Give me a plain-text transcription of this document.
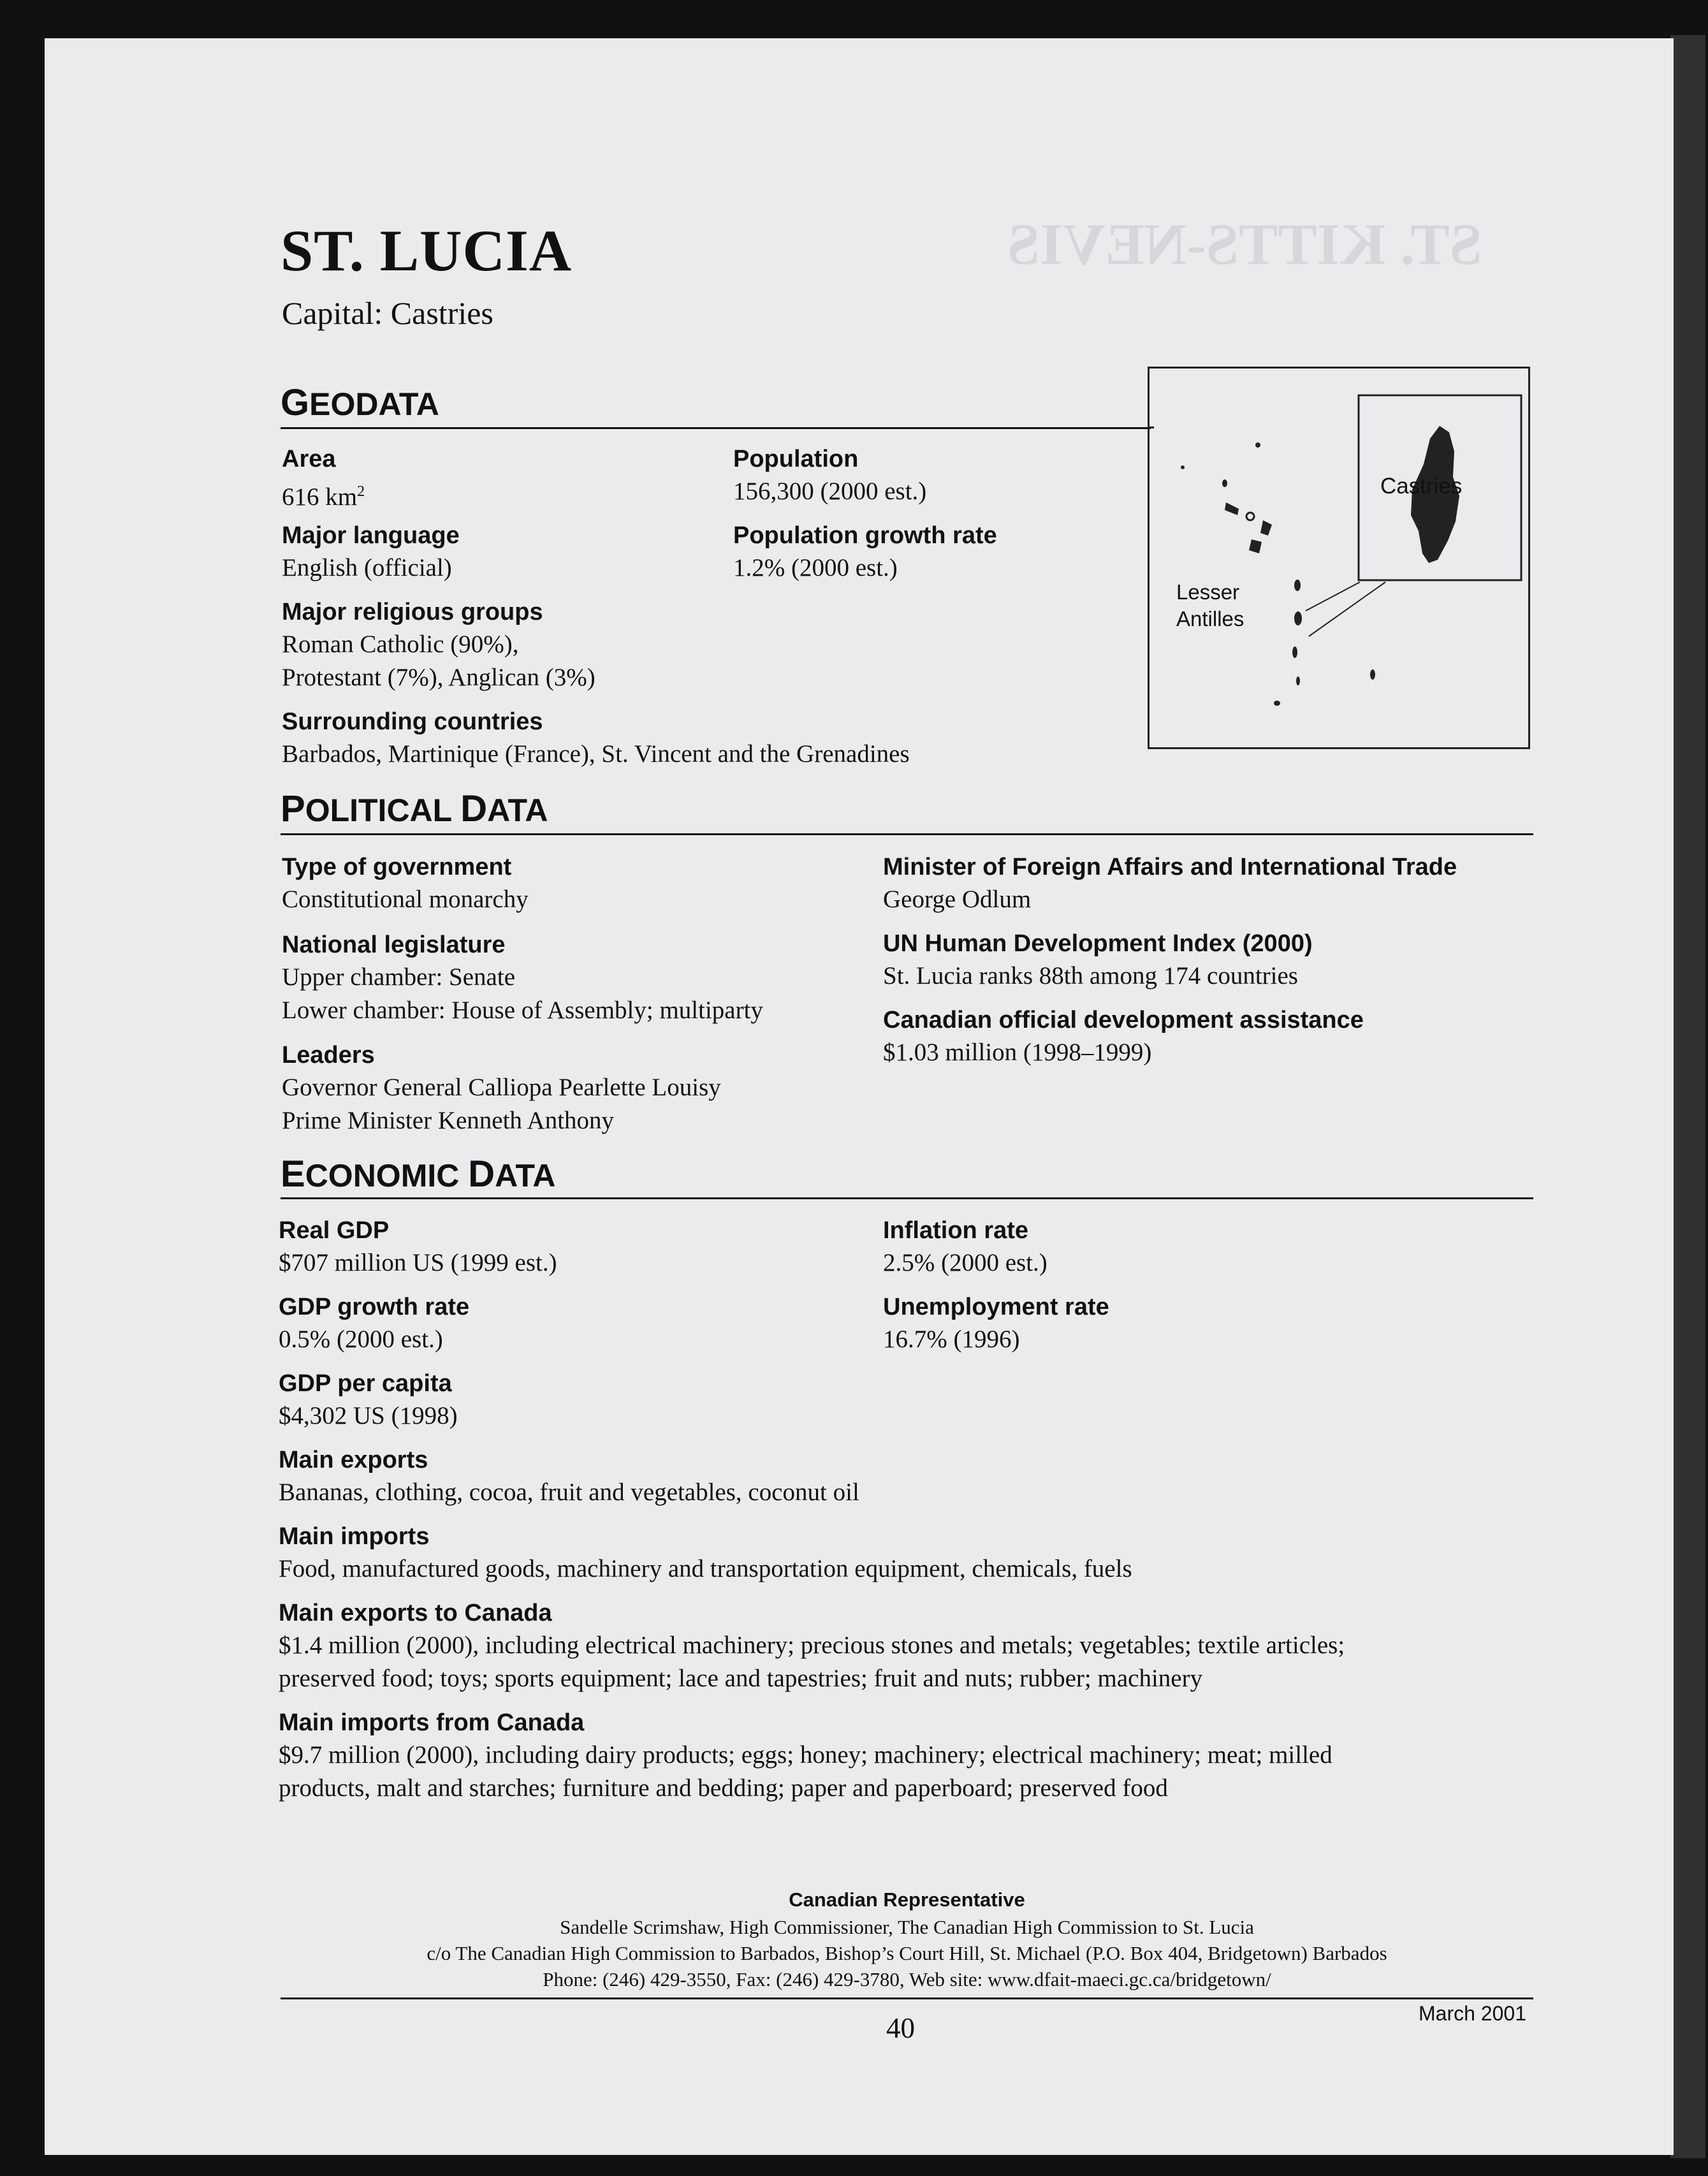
ST. KITTS-NEVIS
ST. LUCIA
Capital: Castries
GEODATA
Area
616 $km^2$
Population
156,300 (2000 est.)
Major language
English (official)
Population growth rate
1.2% (2000 est.)
Major religious groups
Roman Catholic (90%),
Protestant (7%), Anglican (3%)
Surrounding countries
Barbados, Martinique (France), St. Vincent and the Grenadines
Castries
Lesser
Antilles
POLITICAL DATA
Type of government
Constitutional monarchy
Minister of Foreign Affairs and International Trade
George Odlum
National legislature
Upper chamber: Senate
Lower chamber: House of Assembly; multiparty
UN Human Development Index (2000)
St. Lucia ranks 88th among 174 countries
Canadian official development assistance
$1.03 million (1998–1999)
Leaders
Governor General Calliopa Pearlette Louisy
Prime Minister Kenneth Anthony
ECONOMIC DATA
Real GDP
$707 million US (1999 est.)
Inflation rate
2.5% (2000 est.)
GDP growth rate
0.5% (2000 est.)
Unemployment rate
16.7% (1996)
GDP per capita
$4,302 US (1998)
Main exports
Bananas, clothing, cocoa, fruit and vegetables, coconut oil
Main imports
Food, manufactured goods, machinery and transportation equipment, chemicals, fuels
Main exports to Canada
$1.4 million (2000), including electrical machinery; precious stones and metals; vegetables; textile articles;
preserved food; toys; sports equipment; lace and tapestries; fruit and nuts; rubber; machinery
Main imports from Canada
$9.7 million (2000), including dairy products; eggs; honey; machinery; electrical machinery; meat; milled
products, malt and starches; furniture and bedding; paper and paperboard; preserved food
Canadian Representative
Sandelle Scrimshaw, High Commissioner, The Canadian High Commission to St. Lucia
c/o The Canadian High Commission to Barbados, Bishop’s Court Hill, St. Michael (P.O. Box 404, Bridgetown) Barbados
Phone: (246) 429-3550, Fax: (246) 429-3780, Web site: www.dfait-maeci.gc.ca/bridgetown/
40	March 2001
